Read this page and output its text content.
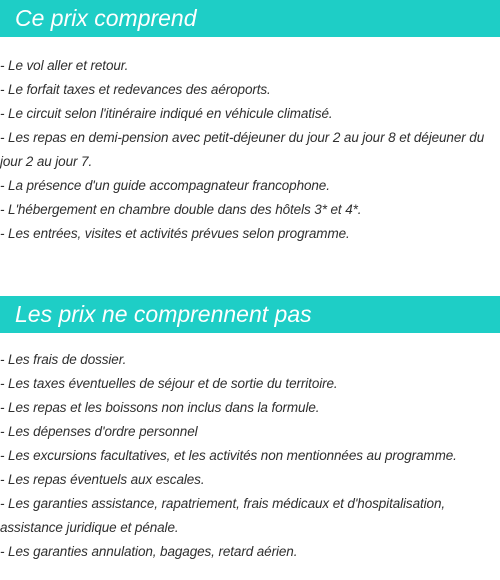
Ce prix comprend
- Le vol aller et retour.
- Le forfait taxes et redevances des aéroports.
- Le circuit selon l'itinéraire indiqué en véhicule climatisé.
- Les repas en demi-pension avec petit-déjeuner du jour 2 au jour 8 et déjeuner du jour 2 au jour 7.
- La présence d'un guide accompagnateur francophone.
- L'hébergement en chambre double dans des hôtels 3* et 4*.
- Les entrées, visites et activités prévues selon programme.
Les prix ne comprennent pas
- Les frais de dossier.
- Les taxes éventuelles de séjour et de sortie du territoire.
- Les repas et les boissons non inclus dans la formule.
- Les dépenses d'ordre personnel
- Les excursions facultatives, et les activités non mentionnées au programme.
- Les repas éventuels aux escales.
- Les garanties assistance, rapatriement, frais médicaux et d'hospitalisation, assistance juridique et pénale.
- Les garanties annulation, bagages, retard aérien.
